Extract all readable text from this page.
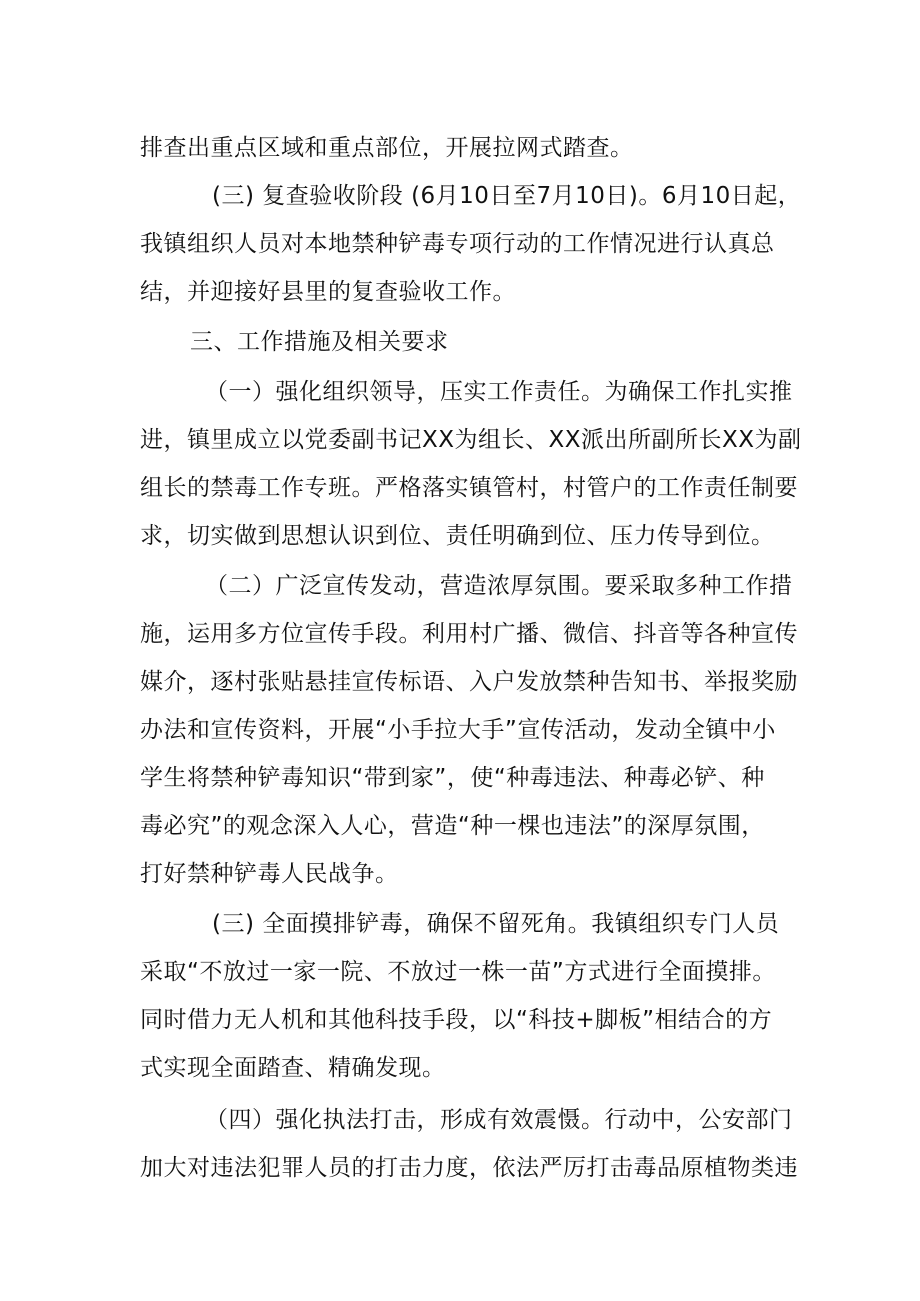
排查出重点区域和重点部位，开展拉网式踏查。
(三) 复查验收阶段 (6月10日至7月10日)。6月10日起，
我镇组织人员对本地禁种铲毒专项行动的工作情况进行认真总
结，并迎接好县里的复查验收工作。
三、工作措施及相关要求
（一）强化组织领导，压实工作责任。为确保工作扎实推
进，镇里成立以党委副书记XX为组长、XX派出所副所长XX为副
组长的禁毒工作专班。严格落实镇管村，村管户的工作责任制要
求，切实做到思想认识到位、责任明确到位、压力传导到位。
（二）广泛宣传发动，营造浓厚氛围。要采取多种工作措
施，运用多方位宣传手段。利用村广播、微信、抖音等各种宣传
媒介，逐村张贴悬挂宣传标语、入户发放禁种告知书、举报奖励
办法和宣传资料，开展“小手拉大手”宣传活动，发动全镇中小
学生将禁种铲毒知识“带到家”，使“种毒违法、种毒必铲、种
毒必究”的观念深入人心，营造“种一棵也违法”的深厚氛围，
打好禁种铲毒人民战争。
(三) 全面摸排铲毒，确保不留死角。我镇组织专门人员
采取“不放过一家一院、不放过一株一苗”方式进行全面摸排。
同时借力无人机和其他科技手段，以“科技+脚板”相结合的方
式实现全面踏查、精确发现。
（四）强化执法打击，形成有效震慑。行动中，公安部门
加大对违法犯罪人员的打击力度，依法严厉打击毒品原植物类违
